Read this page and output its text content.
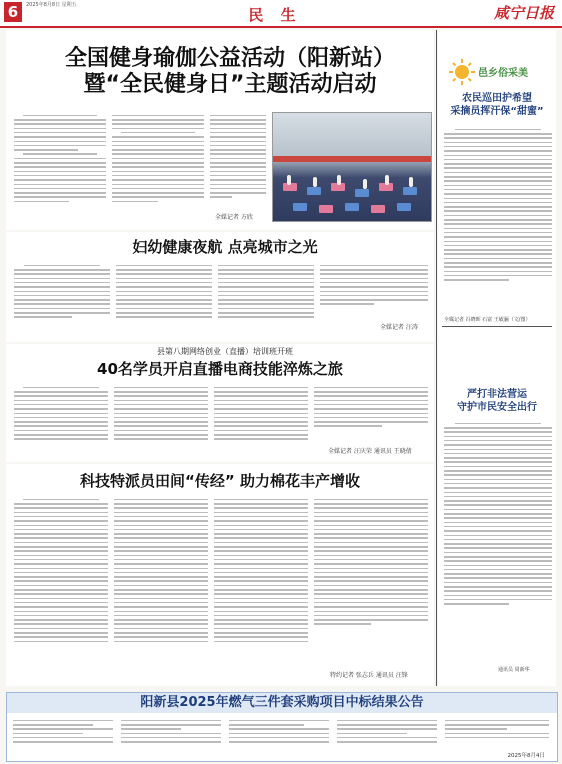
6	2025年8月8日 星期五
民 生	咸宁日报
全国健身瑜伽公益活动（阳新站）
暨“全民健身日”主题活动启动
全媒记者 方欣
妇幼健康夜航 点亮城市之光
全媒记者 汪涛
县第八期网络创业（直播）培训班开班
40名学员开启直播电商技能淬炼之旅
全媒记者 汪庆荣 通讯员 王晓倩
科技特派员田间“传经” 助力棉花丰产增收
特约记者 张志兵 通讯员 汪锋
邑乡俗采美
农民巡田护希望
采摘员挥汗保“甜蜜”
全媒记者 冯晓晖 石富 王敏骊（文/图）
严打非法营运
守护市民安全出行
通讯员 周新华
阳新县2025年燃气三件套采购项目中标结果公告
2025年8月4日
